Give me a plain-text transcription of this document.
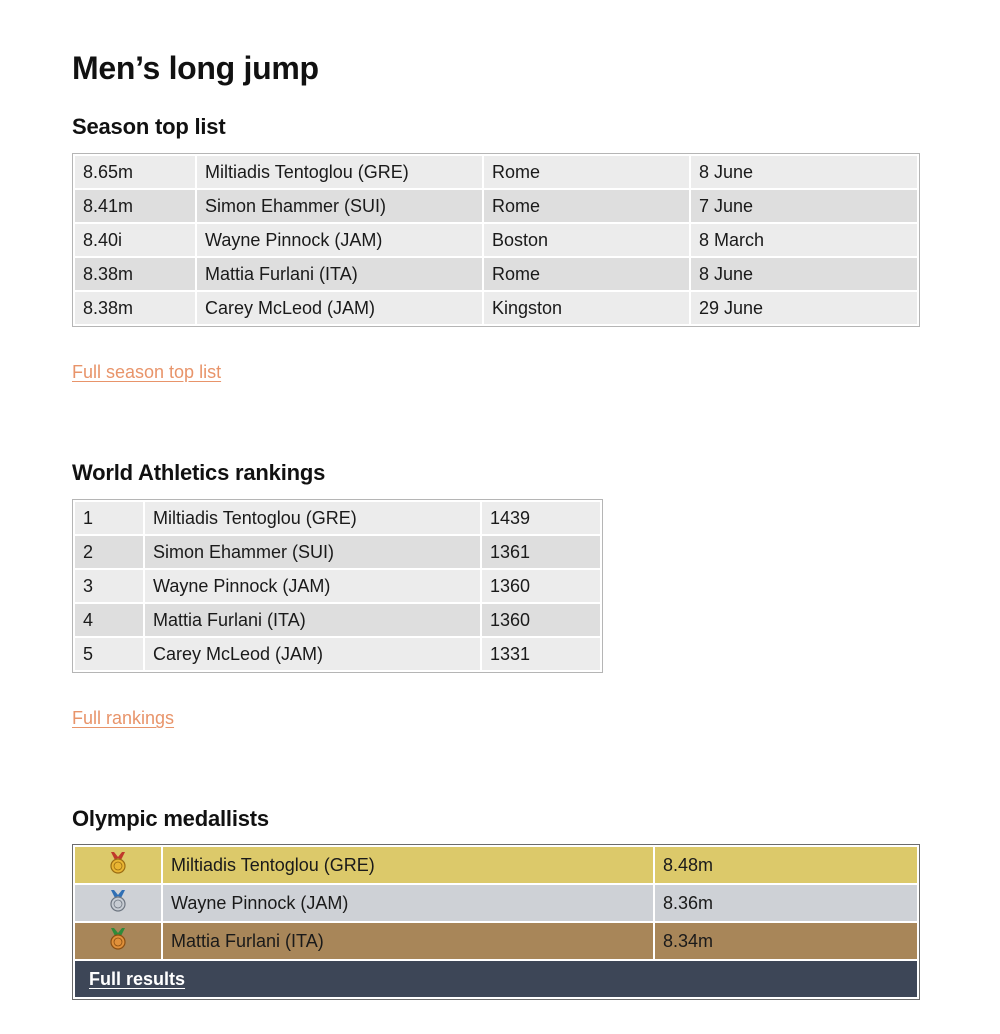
Men’s long jump
Season top list
8.65m	Miltiadis Tentoglou (GRE)	Rome	8 June
8.41m	Simon Ehammer (SUI)	Rome	7 June
8.40i	Wayne Pinnock (JAM)	Boston	8 March
8.38m	Mattia Furlani (ITA)	Rome	8 June
8.38m	Carey McLeod (JAM)	Kingston	29 June
Full season top list
World Athletics rankings
1	Miltiadis Tentoglou (GRE)	1439
2	Simon Ehammer (SUI)	1361
3	Wayne Pinnock (JAM)	1360
4	Mattia Furlani (ITA)	1360
5	Carey McLeod (JAM)	1331
Full rankings
Olympic medallists
	Miltiadis Tentoglou (GRE)	8.48m
	Wayne Pinnock (JAM)	8.36m
	Mattia Furlani (ITA)	8.34m
Full results		
